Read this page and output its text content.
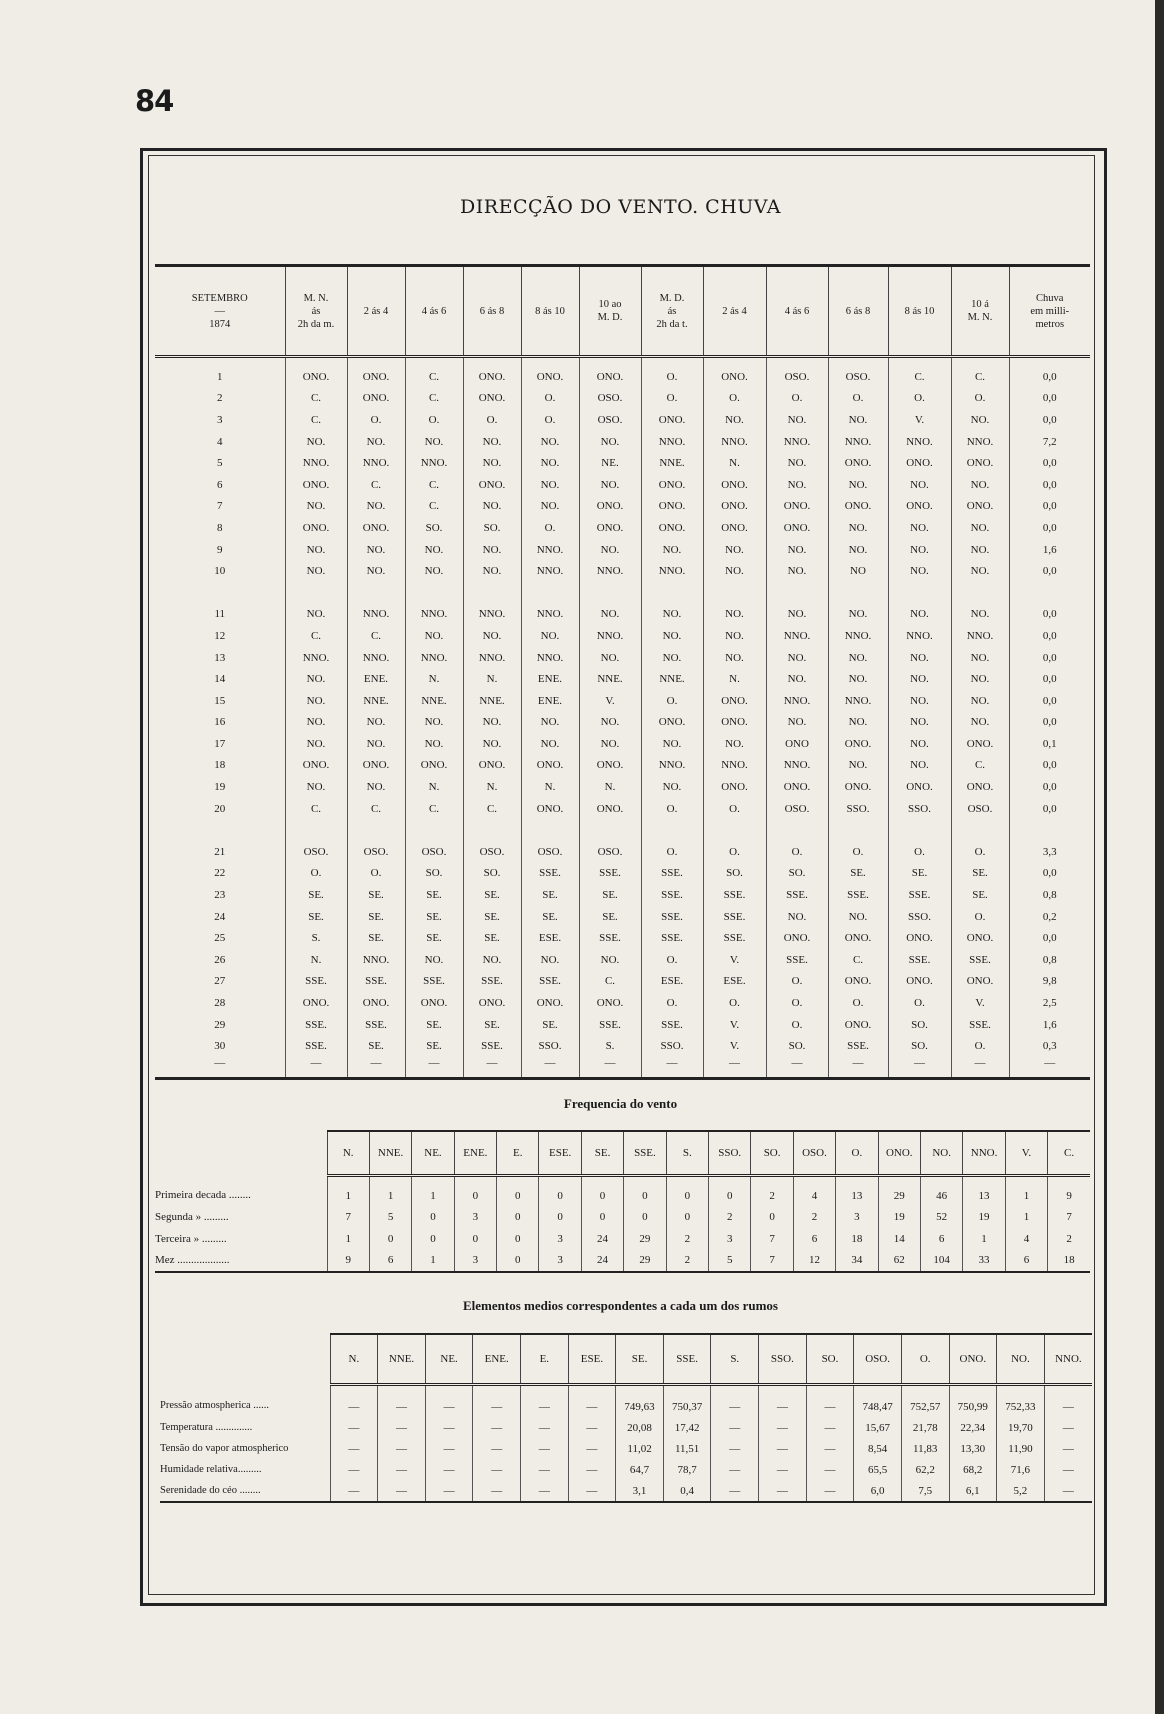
84
DIRECÇÃO DO VENTO. CHUVA
SETEMBRO
—
1874	M. N.
ás
2h da m.	2 ás 4	4 ás 6	6 ás 8	8 ás 10	10 ao
M. D.	M. D.
ás
2h da t.	2 ás 4	4 ás 6	6 ás 8	8 ás 10	10 á
M. N.	Chuva
em milli-
metros
1	ONO.	ONO.	C.	ONO.	ONO.	ONO.	O.	ONO.	OSO.	OSO.	C.	C.	0,0
2	C.	ONO.	C.	ONO.	O.	OSO.	O.	O.	O.	O.	O.	O.	0,0
3	C.	O.	O.	O.	O.	OSO.	ONO.	NO.	NO.	NO.	V.	NO.	0,0
4	NO.	NO.	NO.	NO.	NO.	NO.	NNO.	NNO.	NNO.	NNO.	NNO.	NNO.	7,2
5	NNO.	NNO.	NNO.	NO.	NO.	NE.	NNE.	N.	NO.	ONO.	ONO.	ONO.	0,0
6	ONO.	C.	C.	ONO.	NO.	NO.	ONO.	ONO.	NO.	NO.	NO.	NO.	0,0
7	NO.	NO.	C.	NO.	NO.	ONO.	ONO.	ONO.	ONO.	ONO.	ONO.	ONO.	0,0
8	ONO.	ONO.	SO.	SO.	O.	ONO.	ONO.	ONO.	ONO.	NO.	NO.	NO.	0,0
9	NO.	NO.	NO.	NO.	NNO.	NO.	NO.	NO.	NO.	NO.	NO.	NO.	1,6
10	NO.	NO.	NO.	NO.	NNO.	NNO.	NNO.	NO.	NO.	NO	NO.	NO.	0,0

11	NO.	NNO.	NNO.	NNO.	NNO.	NO.	NO.	NO.	NO.	NO.	NO.	NO.	0,0
12	C.	C.	NO.	NO.	NO.	NNO.	NO.	NO.	NNO.	NNO.	NNO.	NNO.	0,0
13	NNO.	NNO.	NNO.	NNO.	NNO.	NO.	NO.	NO.	NO.	NO.	NO.	NO.	0,0
14	NO.	ENE.	N.	N.	ENE.	NNE.	NNE.	N.	NO.	NO.	NO.	NO.	0,0
15	NO.	NNE.	NNE.	NNE.	ENE.	V.	O.	ONO.	NNO.	NNO.	NO.	NO.	0,0
16	NO.	NO.	NO.	NO.	NO.	NO.	ONO.	ONO.	NO.	NO.	NO.	NO.	0,0
17	NO.	NO.	NO.	NO.	NO.	NO.	NO.	NO.	ONO	ONO.	NO.	ONO.	0,1
18	ONO.	ONO.	ONO.	ONO.	ONO.	ONO.	NNO.	NNO.	NNO.	NO.	NO.	C.	0,0
19	NO.	NO.	N.	N.	N.	N.	NO.	ONO.	ONO.	ONO.	ONO.	ONO.	0,0
20	C.	C.	C.	C.	ONO.	ONO.	O.	O.	OSO.	SSO.	SSO.	OSO.	0,0

21	OSO.	OSO.	OSO.	OSO.	OSO.	OSO.	O.	O.	O.	O.	O.	O.	3,3
22	O.	O.	SO.	SO.	SSE.	SSE.	SSE.	SO.	SO.	SE.	SE.	SE.	0,0
23	SE.	SE.	SE.	SE.	SE.	SE.	SSE.	SSE.	SSE.	SSE.	SSE.	SE.	0,8
24	SE.	SE.	SE.	SE.	SE.	SE.	SSE.	SSE.	NO.	NO.	SSO.	O.	0,2
25	S.	SE.	SE.	SE.	ESE.	SSE.	SSE.	SSE.	ONO.	ONO.	ONO.	ONO.	0,0
26	N.	NNO.	NO.	NO.	NO.	NO.	O.	V.	SSE.	C.	SSE.	SSE.	0,8
27	SSE.	SSE.	SSE.	SSE.	SSE.	C.	ESE.	ESE.	O.	ONO.	ONO.	ONO.	9,8
28	ONO.	ONO.	ONO.	ONO.	ONO.	ONO.	O.	O.	O.	O.	O.	V.	2,5
29	SSE.	SSE.	SE.	SE.	SE.	SSE.	SSE.	V.	O.	ONO.	SO.	SSE.	1,6
30	SSE.	SE.	SE.	SSE.	SSO.	S.	SSO.	V.	SO.	SSE.	SO.	O.	0,3
—	—	—	—	—	—	—	—	—	—	—	—	—	—
Frequencia do vento
	N.	NNE.	NE.	ENE.	E.	ESE.	SE.	SSE.	S.	SSO.	SO.	OSO.	O.	ONO.	NO.	NNO.	V.	C.
Primeira decada ........	1	1	1	0	0	0	0	0	0	0	2	4	13	29	46	13	1	9
Segunda » .........	7	5	0	3	0	0	0	0	0	2	0	2	3	19	52	19	1	7
Terceira » .........	1	0	0	0	0	3	24	29	2	3	7	6	18	14	6	1	4	2
Mez ...................	9	6	1	3	0	3	24	29	2	5	7	12	34	62	104	33	6	18
Elementos medios correspondentes a cada um dos rumos
	N.	NNE.	NE.	ENE.	E.	ESE.	SE.	SSE.	S.	SSO.	SO.	OSO.	O.	ONO.	NO.	NNO.
Pressão atmospherica ......	—	—	—	—	—	—	749,63	750,37	—	—	—	748,47	752,57	750,99	752,33	—
Temperatura ..............	—	—	—	—	—	—	20,08	17,42	—	—	—	15,67	21,78	22,34	19,70	—
Tensão do vapor atmospherico	—	—	—	—	—	—	11,02	11,51	—	—	—	8,54	11,83	13,30	11,90	—
Humidade relativa.........	—	—	—	—	—	—	64,7	78,7	—	—	—	65,5	62,2	68,2	71,6	—
Serenidade do céo ........	—	—	—	—	—	—	3,1	0,4	—	—	—	6,0	7,5	6,1	5,2	—
